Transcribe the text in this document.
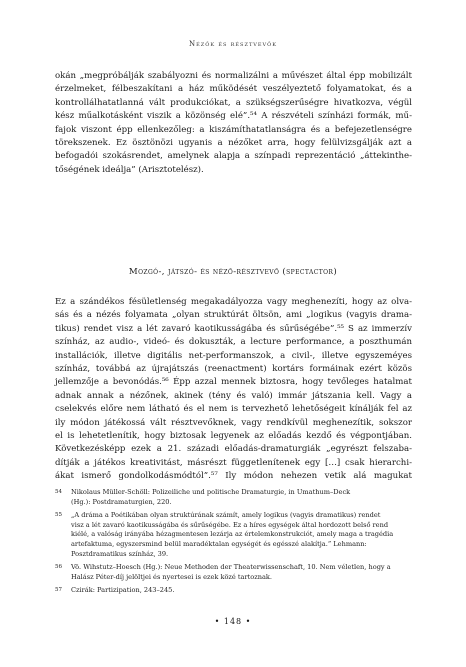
Nézők és résztvevők
okán „megpróbálják szabályozni és normalizálni a művészet által épp mobilizált
érzelmeket, félbeszakítani a ház működését veszélyeztető folyamatokat, és a
kontrollálhatatlanná vált produkciókat, a szükségszerűségre hivatkozva, végül
kész műalkotásként viszik a közönség elé”.⁵⁴ A részvételi színházi formák, mű-
fajok viszont épp ellenkezőleg: a kiszámíthatatlanságra és a befejezetlenségre
törekszenek. Ez ösztönözi ugyanis a nézőket arra, hogy felülvizsgálják azt a
befogadói szokásrendet, amelynek alapja a színpadi reprezentáció „áttekinthe-
tőségének ideálja” (Arisztotelész).
Mozgó-, játszó- és néző-résztvevő (spectactor)
Ez a szándékos fésületlenség megakadályozza vagy meghenezíti, hogy az olva-
sás és a nézés folyamata „olyan struktúrát öltsön, ami „logikus (vagyis drama-
tikus) rendet visz a lét zavaró kaotikusságába és sűrűségébe”.⁵⁵ S az immerzív
színház, az audio-, videó- és dokuszták, a lecture performance, a poszthumán
installációk, illetve digitális net-performanszok, a civil-, illetve egyszeméyes
színház, továbbá az újrajátszás (reenactment) kortárs formáinak ezért közös
jellemzője a bevonódás.⁵⁶ Épp azzal mennek biztosra, hogy tevőleges hatalmat
adnak annak a nézőnek, akinek (tény és való) immár játszania kell. Vagy a
cselekvés előre nem látható és el nem is tervezhető lehetőségeit kínálják fel az
ily módon játékossá vált résztvevőknek, vagy rendkívül meghenezítik, sokszor
el is lehetetlenítik, hogy biztosak legyenek az előadás kezdő és végpontjában.
Következésképp ezek a 21. századi előadás-dramaturgiák „egyrészt felszaba-
dítják a játékos kreativitást, másrészt függetlenítenek egy […] csak hierarchi-
ákat ismerő gondolkodásmódtól”.⁵⁷ Ily módon nehezen vetik alá magukat
54 Nikolaus Müller-Schöll: Polizeiliche und politische Dramaturgie, in Umathum–Deck
(Hg.): Postdramaturgien, 220.
55 „A dráma a Poétikában olyan struktúrának számít, amely logikus (vagyis dramatikus) rendet
visz a lét zavaró kaotikusságába és sűrűségébe. Ez a híres egységek által hordozott belső rend
kiélé, a valóság irányába hézagmentesen lezárja az értelemkonstrukciót, amely maga a tragédia
artefaktuma, egyszersmind belül maradéktalan egységét és egésszé alakítja.” Lehmann:
Posztdramatikus színház, 39.
56 Vö. Wihstutz–Hoesch (Hg.): Neue Methoden der Theaterwissenschaft, 10. Nem véletlen, hogy a
Halász Péter-díj jelöltjei és nyertesei is ezek közé tartoznak.
57 Czirák: Partizipation, 243–245.
• 148 •
